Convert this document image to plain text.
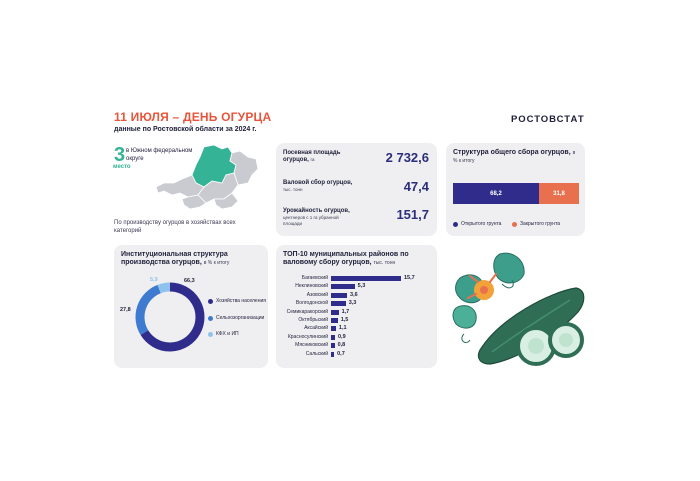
11 ИЮЛЯ – ДЕНЬ ОГУРЦА
данные по Ростовской области за 2024 г.
РОСТОВСТАТ
3 в Южном федеральном округе
место
По производству огурцов в хозяйствах всех категорий
Посевная площадь огурцов, га	2 732,6
Валовой сбор огурцов,
тыс. тонн	47,4
Урожайность огурцов,
центнеров с 1 га убранной площади
151,7
Структура общего сбора огурцов, в % к итогу
68,2	31,8
Открытого грунта	Закрытого грунта
Институциональная структура производства огурцов, в % к итогу
66,3
27,8
5,9
Хозяйства населения
Сельхозорганизации
КФХ и ИП
ТОП-10 муниципальных районов по валовому сбору огурцов, тыс. тонн
Багаевский	15,7
Неклиновский	5,3
Азовский	3,6
Волгодонской	3,3
Семикаракорский 1,7
Октябрьский 1,5
Аксайский 1,1
Красносулинский 0,9
Мясниковский 0,8
Сальский 0,7
